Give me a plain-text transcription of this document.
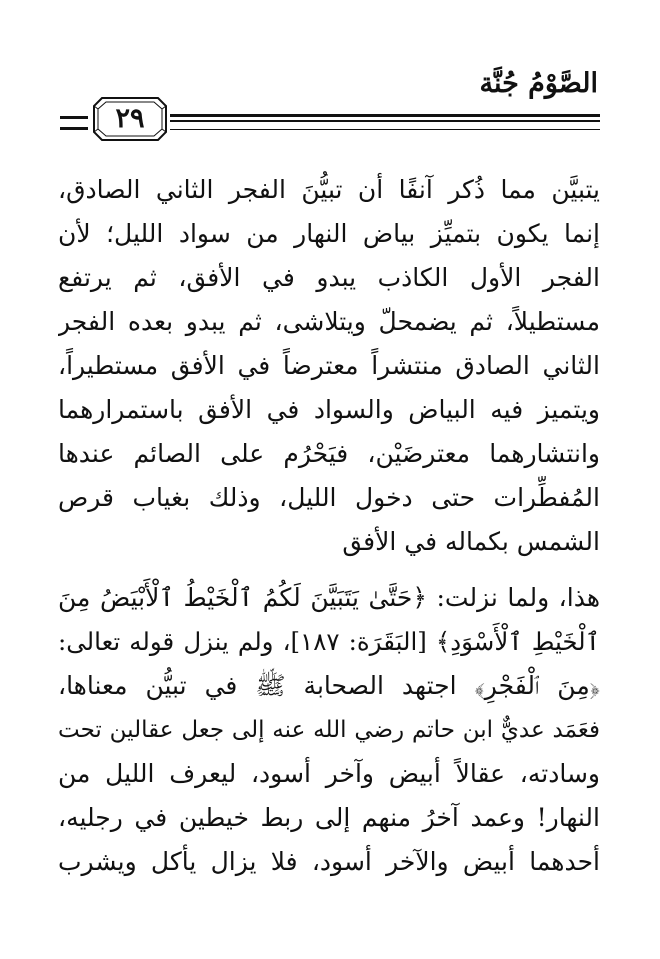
الصَّوْمُ جُنَّة
٢٩
يتبيَّن مما ذُكر آنفًا أن تبيُّنَ الفجر الثاني الصادق،
إنما يكون بتميِّز بياض النهار من سواد الليل؛ لأن
الفجر الأول الكاذب يبدو في الأفق، ثم يرتفع
مستطيلاً، ثم يضمحلّ ويتلاشى، ثم يبدو بعده الفجر
الثاني الصادق منتشراً معترضاً في الأفق مستطيراً،
ويتميز فيه البياض والسواد في الأفق باستمرارهما
وانتشارهما معترضَيْن، فيَحْرُم على الصائم عندها
المُفطِّرات حتى دخول الليل، وذلك بغياب قرص
الشمس بكماله في الأفق
هذا، ولما نزلت: ﴿حَتَّىٰ يَتَبَيَّنَ لَكُمُ ٱلْخَيْطُ ٱلْأَبْيَضُ مِنَ
ٱلْخَيْطِ ٱلْأَسْوَدِ﴾ [البَقَرَة: ١٨٧]، ولم ينزل قوله تعالى:
﴿مِنَ ٱلْفَجْرِ﴾ اجتهد الصحابة ﷺ في تبيُّن معناها،
فعَمَد عديٌّ ابن حاتم رضي الله عنه إلى جعل عقالين تحت
وسادته، عقالاً أبيض وآخر أسود، ليعرف الليل من
النهار! وعمد آخرُ منهم إلى ربط خيطين في رجليه،
أحدهما أبيض والآخر أسود، فلا يزال يأكل ويشرب
